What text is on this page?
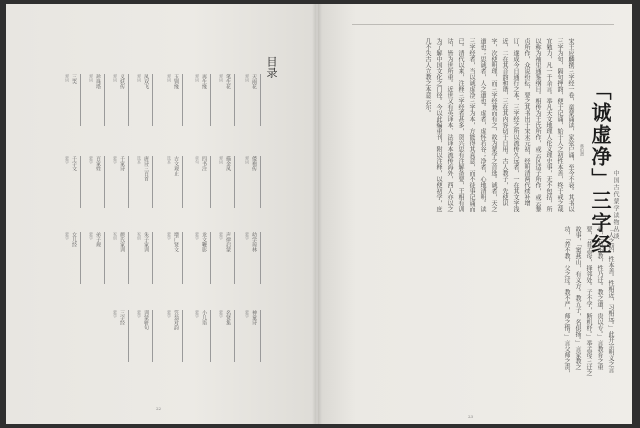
目录
天雨花
弹词
笔生花
弹词
再生缘
弹词
玉钏缘
弹词
凤双飞
弹词
义妖传
弹词
珍珠塔
弹词
三笑
弹词
倭袍传
弹词
描金凤
弹词
四书注
章句
古文观止
选本
唐诗三百首
选本
千家诗
蒙学
百家姓
蒙学
千字文
蒙学
幼学琼林
蒙学
声律启蒙
蒙学
龙文鞭影
蒙学
增广贤文
蒙学
朱子家训
家训
颜氏家训
家训
弟子规
蒙学
女儿经
蒙学
神童诗
蒙学
名贤集
蒙学
小儿语
蒙学
笠翁对韵
蒙学
训蒙骈句
蒙学
三字经
蒙学
22
「诚虚净」三字经
蒋伯潜
中国古代蒙学读物丛谈
宋王应麟撰三字经一卷，童蒙诵读，家弦户诵，至今不衰。其书以三字为句，隔句押韵，便于记诵，始于人之初性本善，终于戒之哉宜勉力，凡一千余言。举凡天文地理人伦义理史事，无不包括，所以称为袖里通鉴纲目。相传为王氏所作，或云区适子所作，或云黎贞所作，众说纷纭，要之其书出于宋末元初，经明清两代续补增订，遂成今日通行之本。三字经之所以流传久远者，一在其文字浅近，二在其音韵和谐，三在其内容切于日用。古人教子，先使识字，次使明理，而三字经兼而有之，故为蒙学之首选。诚者，天之道也；思诚者，人之道也。虚者，虚怀若谷；净者，心地清明。读三字经者，当以诚虚净三字为本，方能得其真意，而不徒事记诵而已。清代以来，注释三字经者甚多，贺兴思有注解备要，王相有训诂，皆为世所重。近世又有英译本、法译本流传海外，西人亦以之为了解中国文化之门径。今以此编重刊，附以注释，以便初学，庶几不失古人立教之本意云尔。
「人之初，性本善。性相近，习相远。」此开宗明义之言也，「苟不教，性乃迁。教之道，贵以专。」言教育之重要，「昔孟母，择邻处。子不学，断机杼。」举孟母三迁之故事，「窦燕山，有义方。教五子，名俱扬。」言家教之功，「养不教，父之过。教不严，师之惰。」言父师之责，
23
